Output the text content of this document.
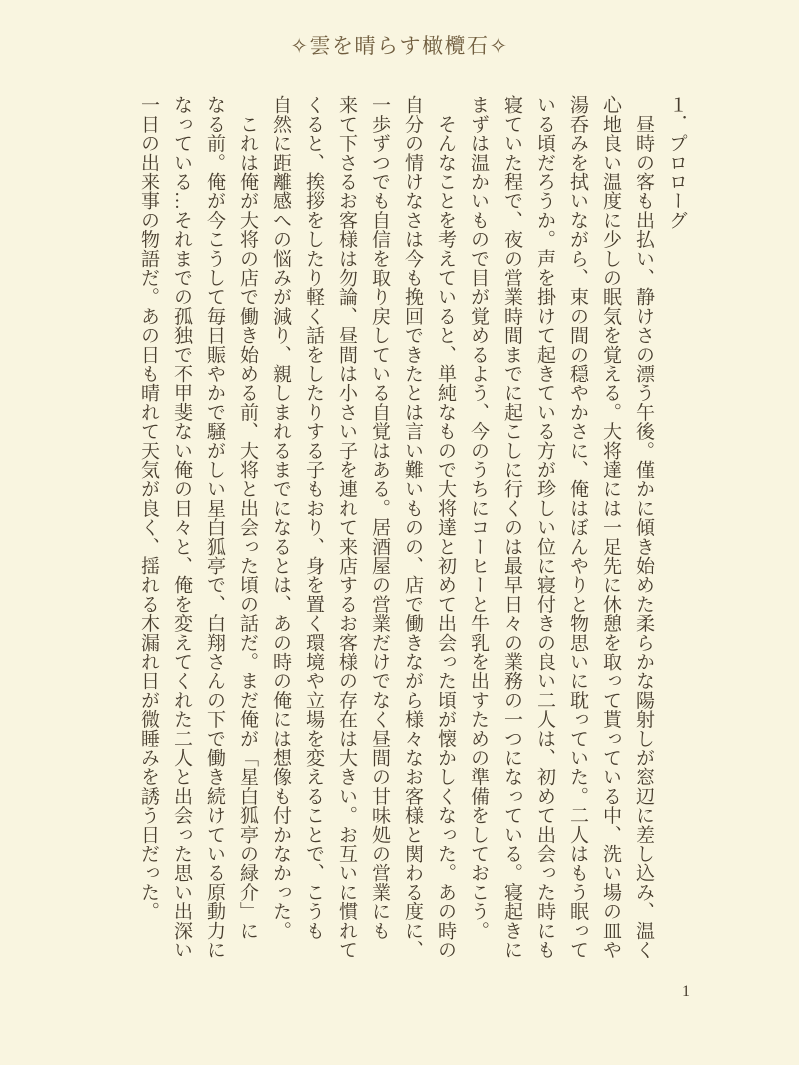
✧雲を晴らす橄欖石✧
１．プロローグ
　昼時の客も出払い、静けさの漂う午後。僅かに傾き始めた柔らかな陽射しが窓辺に差し込み、温く
心地良い温度に少しの眠気を覚える。大将達には一足先に休憩を取って貰っている中、洗い場の皿や
湯呑みを拭いながら、束の間の穏やかさに、俺はぼんやりと物思いに耽っていた。二人はもう眠って
いる頃だろうか。声を掛けて起きている方が珍しい位に寝付きの良い二人は、初めて出会った時にも
寝ていた程で、夜の営業時間までに起こしに行くのは最早日々の業務の一つになっている。寝起きに
まずは温かいもので目が覚めるよう、今のうちにコーヒーと牛乳を出すための準備をしておこう。
　そんなことを考えていると、単純なもので大将達と初めて出会った頃が懐かしくなった。あの時の
自分の情けなさは今も挽回できたとは言い難いものの、店で働きながら様々なお客様と関わる度に、
一歩ずつでも自信を取り戻している自覚はある。居酒屋の営業だけでなく昼間の甘味処の営業にも
来て下さるお客様は勿論、昼間は小さい子を連れて来店するお客様の存在は大きい。お互いに慣れて
くると、挨拶をしたり軽く話をしたりする子もおり、身を置く環境や立場を変えることで、こうも
自然に距離感への悩みが減り、親しまれるまでになるとは、あの時の俺には想像も付かなかった。
　これは俺が大将の店で働き始める前、大将と出会った頃の話だ。まだ俺が「星白狐亭の緑介」に
なる前。俺が今こうして毎日賑やかで騒がしい星白狐亭で、白翔さんの下で働き続けている原動力に
なっている…それまでの孤独で不甲斐ない俺の日々と、俺を変えてくれた二人と出会った思い出深い
一日の出来事の物語だ。あの日も晴れて天気が良く、揺れる木漏れ日が微睡みを誘う日だった。
1
